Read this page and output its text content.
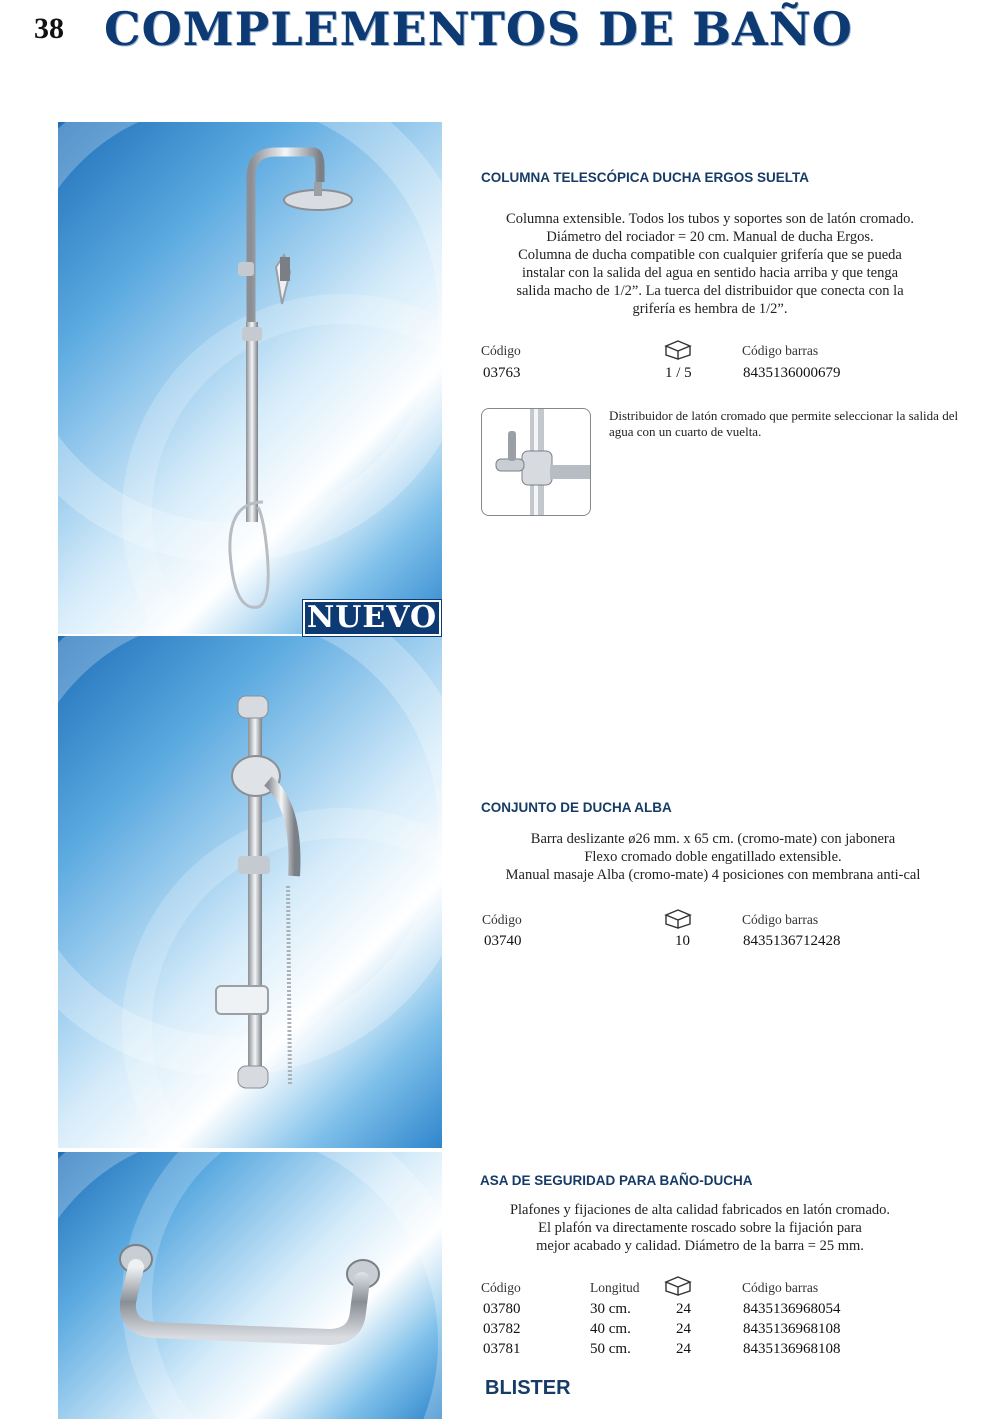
38 COMPLEMENTOS DE BAÑO
NUEVO
COLUMNA TELESCÓPICA DUCHA ERGOS SUELTA
Columna extensible. Todos los tubos y soportes son de latón cromado.
Diámetro del rociador = 20 cm. Manual de ducha Ergos.
Columna de ducha compatible con cualquier grifería que se pueda
instalar con la salida del agua en sentido hacia arriba y que tenga
salida macho de 1/2”. La tuerca del distribuidor que conecta con la
grifería es hembra de 1/2”.
Código	Código barras
03763	1 / 5	8435136000679
Distribuidor de latón cromado que permite seleccionar la salida del agua con un cuarto de vuelta.
CONJUNTO DE DUCHA ALBA
Barra deslizante ø26 mm. x 65 cm. (cromo-mate) con jabonera
Flexo cromado doble engatillado extensible.
Manual masaje Alba (cromo-mate) 4 posiciones con membrana anti-cal
Código	Código barras
03740	10	8435136712428
ASA DE SEGURIDAD PARA BAÑO-DUCHA
Plafones y fijaciones de alta calidad fabricados en latón cromado.
El plafón va directamente roscado sobre la fijación para
mejor acabado y calidad. Diámetro de la barra = 25 mm.
Código	Longitud	Código barras
03780	30 cm.	24	8435136968054
03782	40 cm.	24	8435136968108
03781	50 cm.	24	8435136968108
BLISTER
